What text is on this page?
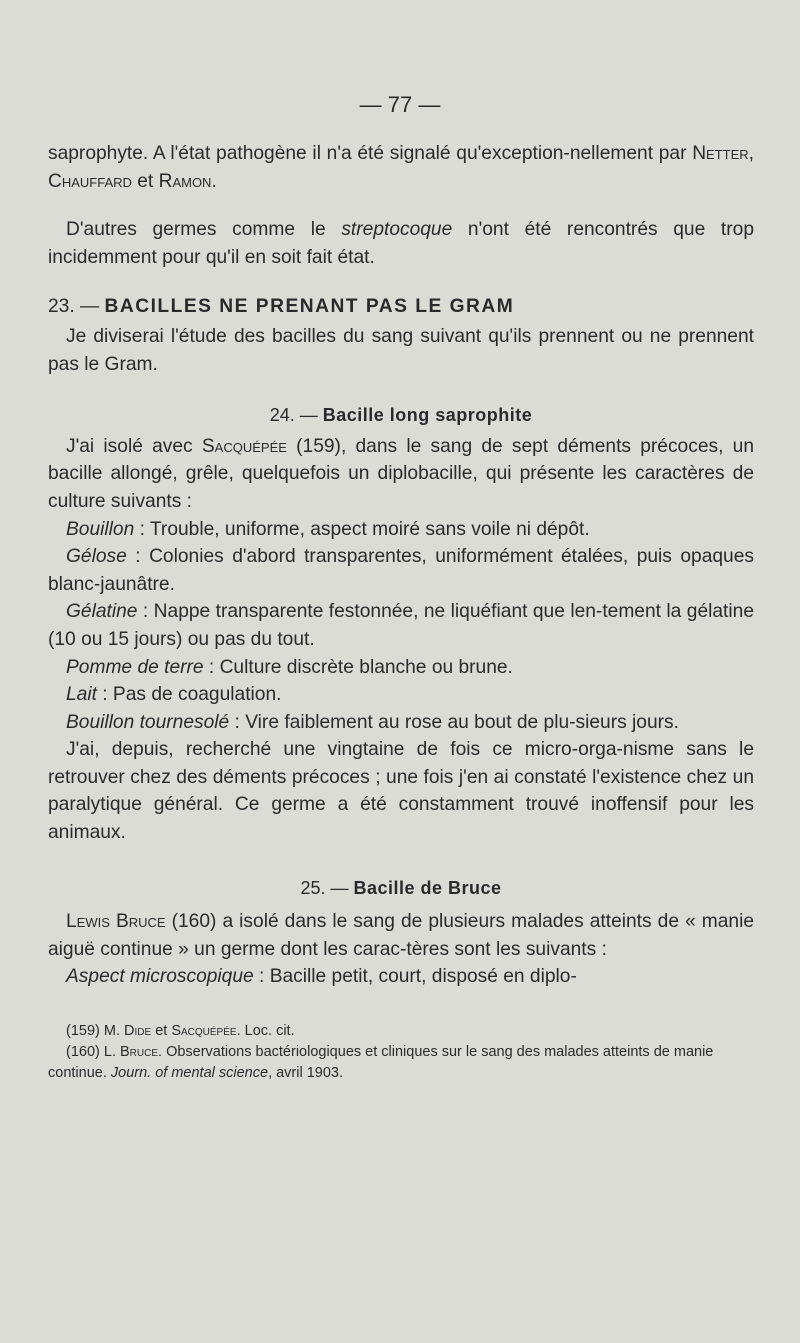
— 77 —

saprophyte. A l'état pathogène il n'a été signalé qu'exception-nellement par Netter, Chauffard et Ramon.

D'autres germes comme le streptocoque n'ont été rencontrés que trop incidemment pour qu'il en soit fait état.

23. — BACILLES NE PRENANT PAS LE GRAM

Je diviserai l'étude des bacilles du sang suivant qu'ils prennent ou ne prennent pas le Gram.

24. — Bacille long saprophite

J'ai isolé avec Sacquépée (159), dans le sang de sept déments précoces, un bacille allongé, grêle, quelquefois un diplobacille, qui présente les caractères de culture suivants :

Bouillon : Trouble, uniforme, aspect moiré sans voile ni dépôt.

Gélose : Colonies d'abord transparentes, uniformément étalées, puis opaques blanc-jaunâtre.

Gélatine : Nappe transparente festonnée, ne liquéfiant que len-tement la gélatine (10 ou 15 jours) ou pas du tout.

Pomme de terre : Culture discrète blanche ou brune.

Lait : Pas de coagulation.

Bouillon tournesolé : Vire faiblement au rose au bout de plu-sieurs jours.

J'ai, depuis, recherché une vingtaine de fois ce micro-orga-nisme sans le retrouver chez des déments précoces ; une fois j'en ai constaté l'existence chez un paralytique général. Ce germe a été constamment trouvé inoffensif pour les animaux.

25. — Bacille de Bruce

Lewis Bruce (160) a isolé dans le sang de plusieurs malades atteints de « manie aiguë continue » un germe dont les carac-tères sont les suivants :

Aspect microscopique : Bacille petit, court, disposé en diplo-

(159) M. Dide et Sacquépée. Loc. cit.

(160) L. Bruce. Observations bactériologiques et cliniques sur le sang des malades atteints de manie continue. Journ. of mental science, avril 1903.
